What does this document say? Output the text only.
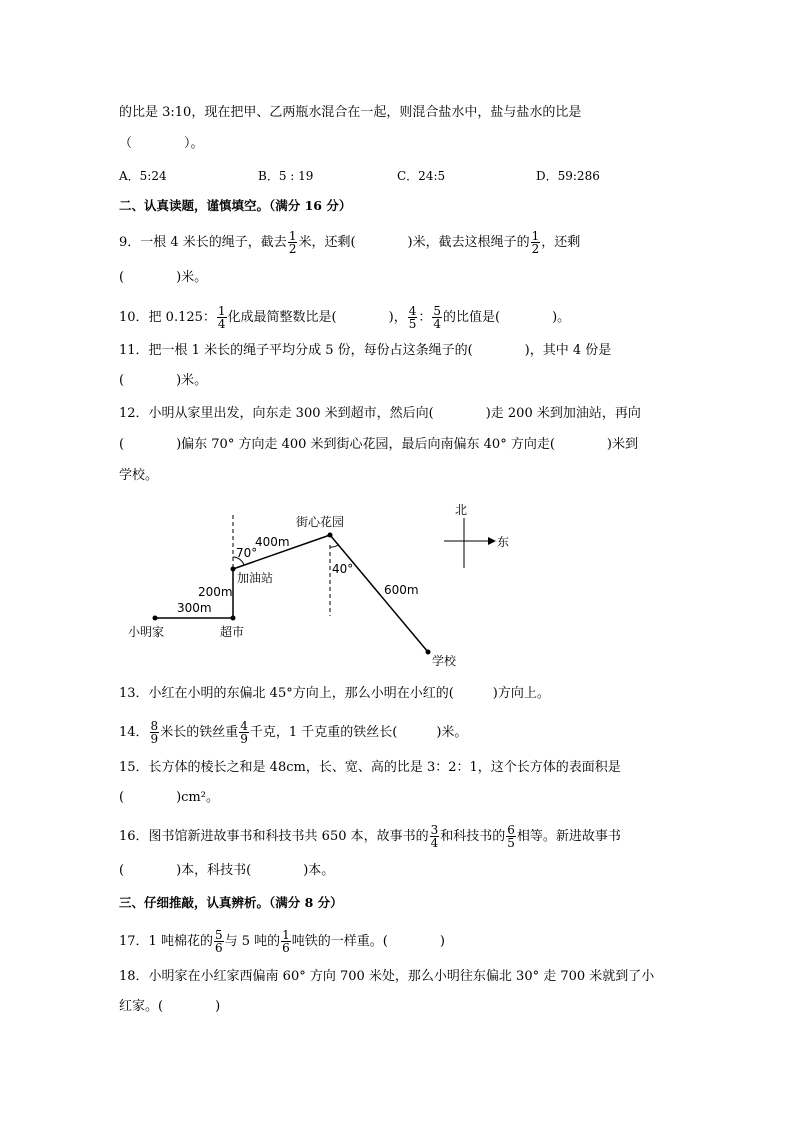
的比是 3:10，现在把甲、乙两瓶水混合在一起，则混合盐水中，盐与盐水的比是
（　　　　）。
A．5:24	B．5 : 19	C．24:5	D．59:286
二、认真读题，谨慎填空。（满分 16 分）
9．一根 4 米长的绳子，截去 $\frac{1}{2}$ 米，还剩(　　　　)米，截去这根绳子的 $\frac{1}{2}$ ，还剩
(　　　　)米。
10．把 0.125： $\frac{1}{4}$ 化成最简整数比是(　　　　)， $\frac{4}{5}$ ： $\frac{5}{4}$ 的比值是(　　　　)。
11．把一根 1 米长的绳子平均分成 5 份，每份占这条绳子的(　　　　)，其中 4 份是
(　　　　)米。
12．小明从家里出发，向东走 300 米到超市，然后向(　　　　)走 200 米到加油站，再向
(　　　　)偏东 70° 方向走 400 米到街心花园，最后向南偏东 40° 方向走(　　　　)米到
学校。
小明家	超市
加油站
街心花园
学校
300m
200m
400m
600m
70°
40°
北
东
13．小红在小明的东偏北 45°方向上，那么小明在小红的(　　　)方向上。
14． $\frac{8}{9}$ 米长的铁丝重 $\frac{4}{9}$ 千克，1 千克重的铁丝长(　　　)米。
15．长方体的棱长之和是 48cm，长、宽、高的比是 3：2：1，这个长方体的表面积是
(　　　　)cm²。
16．图书馆新进故事书和科技书共 650 本，故事书的 $\frac{3}{4}$ 和科技书的 $\frac{6}{5}$ 相等。新进故事书
(　　　　)本，科技书(　　　　)本。
三、仔细推敲，认真辨析。（满分 8 分）
17．1 吨棉花的 $\frac{5}{6}$ 与 5 吨的 $\frac{1}{6}$ 吨铁的一样重。(　　　　)
18．小明家在小红家西偏南 60° 方向 700 米处，那么小明往东偏北 30° 走 700 米就到了小
红家。(　　　　)
